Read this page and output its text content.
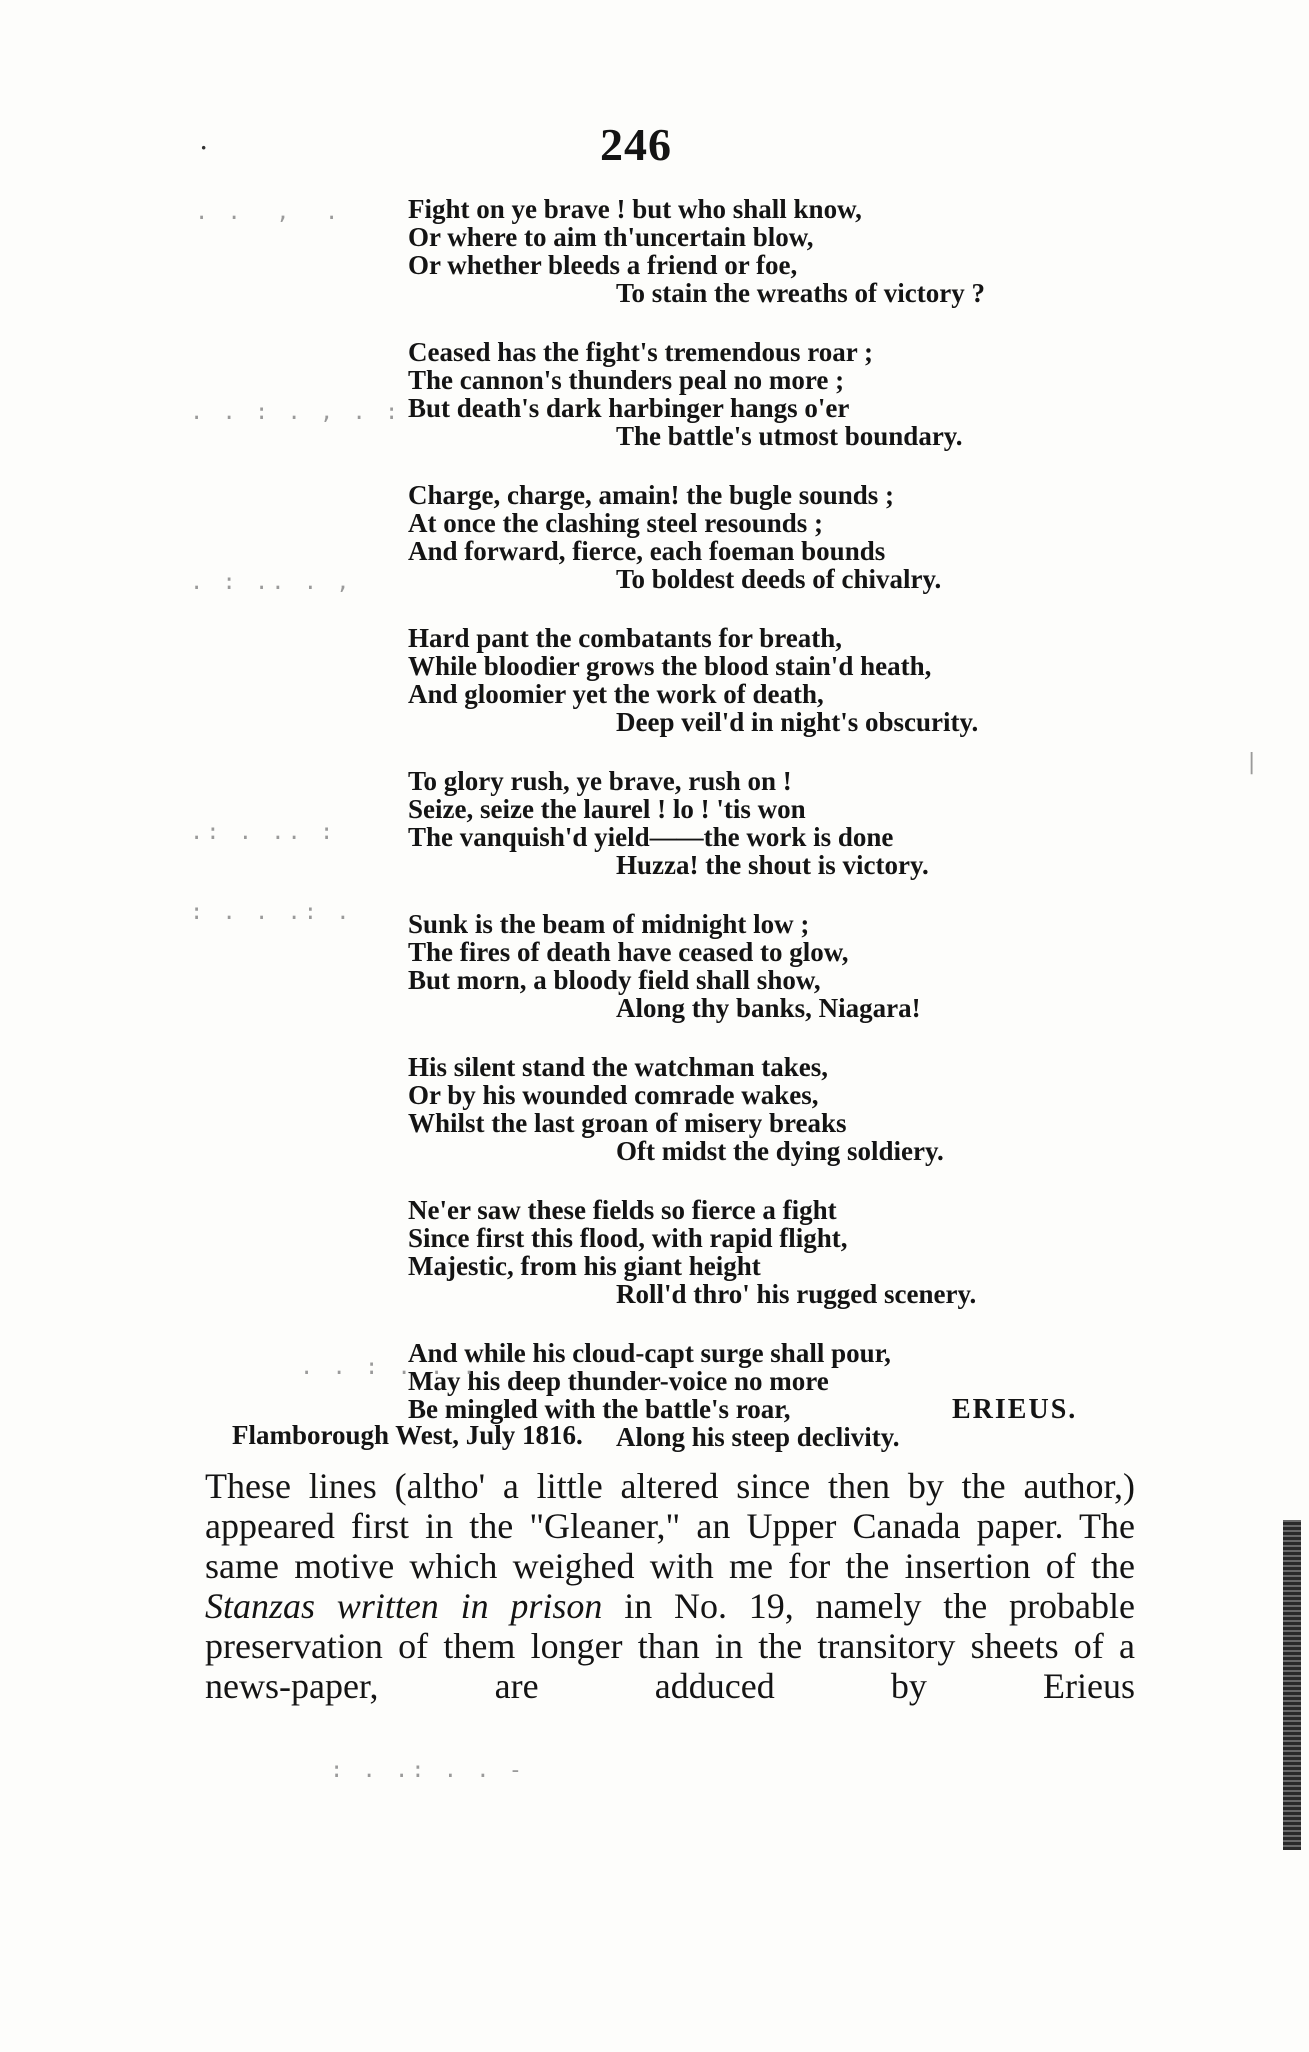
246
·
Fight on ye brave ! but who shall know,
Or where to aim th'uncertain blow,
Or whether bleeds a friend or foe,
To stain the wreaths of victory ?
Ceased has the fight's tremendous roar ;
The cannon's thunders peal no more ;
But death's dark harbinger hangs o'er
The battle's utmost boundary.
Charge, charge, amain! the bugle sounds ;
At once the clashing steel resounds ;
And forward, fierce, each foeman bounds
To boldest deeds of chivalry.
Hard pant the combatants for breath,
While bloodier grows the blood stain'd heath,
And gloomier yet the work of death,
Deep veil'd in night's obscurity.
To glory rush, ye brave, rush on !
Seize, seize the laurel ! lo ! 'tis won
The vanquish'd yield——the work is done
Huzza! the shout is victory.
Sunk is the beam of midnight low ;
The fires of death have ceased to glow,
But morn, a bloody field shall show,
Along thy banks, Niagara!
His silent stand the watchman takes,
Or by his wounded comrade wakes,
Whilst the last groan of misery breaks
Oft midst the dying soldiery.
Ne'er saw these fields so fierce a fight
Since first this flood, with rapid flight,
Majestic, from his giant height
Roll'd thro' his rugged scenery.
And while his cloud-capt surge shall pour,
May his deep thunder-voice no more
Be mingled with the battle's roar,
Along his steep declivity.
ERIEUS.
Flamborough West, July 1816.

These lines (altho' a little altered since then by the author,) appeared first in the "Gleaner," an Upper Canada paper. The same motive which weighed with me for the insertion of the Stanzas written in prison in No. 19, namely the probable preservation of them longer than in the transitory sheets of a news-paper, are adduced by Erieus

. .  ,  .
. . : . , . :
. : .. . ,
.: . .. :
: . . .: .
. . : . . .
: . .: . . -
|
